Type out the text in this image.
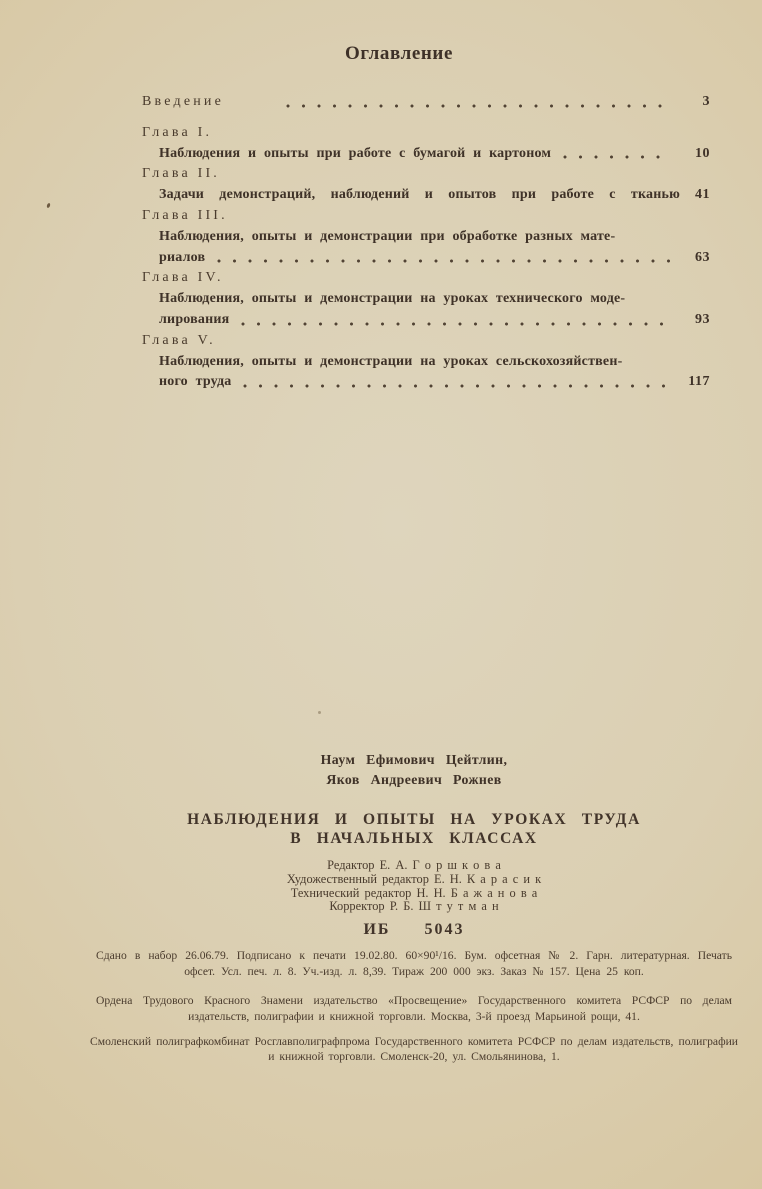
Оглавление
Введение	3
Глава I.
Наблюдения и опыты при работе с бумагой и картоном	10
Глава II.
Задачи демонстраций, наблюдений и опытов при работе с тканью	41
Глава III.
Наблюдения, опыты и демонстрации при обработке разных мате-
риалов	63
Глава IV.
Наблюдения, опыты и демонстрации на уроках технического моде-
лирования	93
Глава V.
Наблюдения, опыты и демонстрации на уроках сельскохозяйствен-
ного труда	117
Наум Ефимович Цейтлин,
Яков Андреевич Рожнев
НАБЛЮДЕНИЯ И ОПЫТЫ НА УРОКАХ ТРУДА
В НАЧАЛЬНЫХ КЛАССАХ
Редактор Е. А. Г о р ш к о в а
Художественный редактор Е. Н. К а р а с и к
Технический редактор Н. Н. Б а ж а н о в а
Корректор Р. Б. Ш т у т м а н
ИБ 5043
Сдано в набор 26.06.79. Подписано к печати 19.02.80. 60×90¹/16. Бум. офсетная № 2. Гарн. литературная. Печать офсет. Усл. печ. л. 8. Уч.-изд. л. 8,39. Тираж 200 000 экз. Заказ № 157. Цена 25 коп.
Ордена Трудового Красного Знамени издательство «Просвещение» Государственного комитета РСФСР по делам издательств, полиграфии и книжной торговли. Москва, 3-й проезд Марьиной рощи, 41.
Смоленский полиграфкомбинат Росглавполиграфпрома Государственного комитета РСФСР по делам издательств, полиграфии и книжной торговли. Смоленск-20, ул. Смольянинова, 1.
